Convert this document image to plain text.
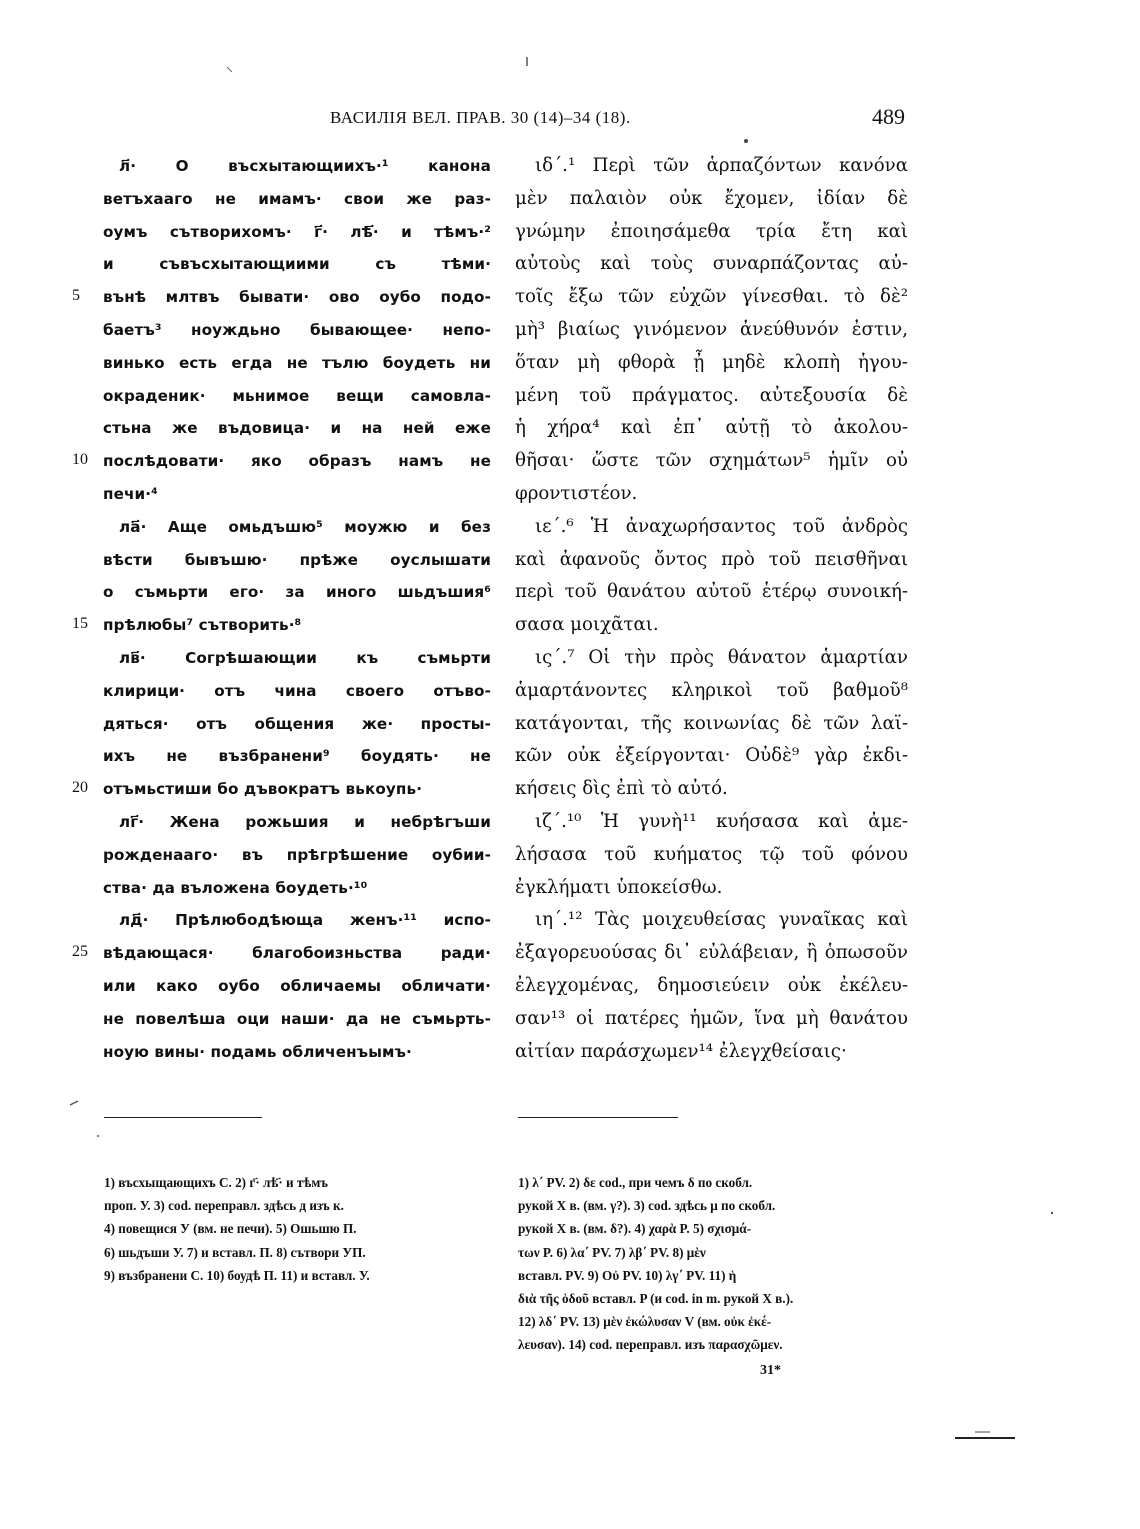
ВАСИЛІЯ ВЕЛ. ПРАВ. 30 (14)–34 (18).	489
5
10
15
20
25
л҃· О въсхытающиихъ·¹ канона
ветъхааго не имамъ· свои же раз-
оумъ сътворихомъ· г҃· лѣ҃· и тѣмъ·²
и съвъсхытающиими съ тѣми·
вънѣ млтвъ бывати· ово оубо подо-
баетъ³ ноуждьно бывающее· непо-
винько есть егда не тълю боудеть ни
окраденик· мьнимое вещи самовла-
стьна же въдовица· и на ней еже
послѣдовати· яко образъ намъ не
печи·⁴
ла҃· Аще омьдъшю⁵ моужю и без
вѣсти бывъшю· прѣже оуслышати
о съмьрти его· за иного шьдъшия⁶
прѣлюбы⁷ сътворить·⁸
лв҃· Согрѣшающии къ съмьрти
клирици· отъ чина своего отъво-
дяться· отъ общения же· просты-
ихъ не възбранени⁹ боудять· не
отъмьстиши бо дъвократъ вькоупь·
лг҃· Жена рожьшия и небрѣгъши
рожденааго· въ прѣгрѣшение оубии-
ства· да въложена боудеть·¹⁰
лд҃· Прѣлюбодѣюща женъ·¹¹ испо-
вѣдающася· благобоизньства ради·
или како оубо обличаемы обличати·
не повелѣша оци наши· да не съмьрть-
ноую вины· подамь обличенъымъ·
ιδ΄.¹ Περὶ τῶν ἁρπαζόντων κανόνα
μὲν παλαιὸν οὐκ ἔχομεν, ἰδίαν δὲ
γνώμην ἐποιησάμεθα τρία ἔτη καὶ
αὐτοὺς καὶ τοὺς συναρπάζοντας αὐ-
τοῖς ἔξω τῶν εὐχῶν γίνεσθαι. τὸ δὲ²
μὴ³ βιαίως γινόμενον ἀνεύθυνόν ἐστιν,
ὅταν μὴ φθορὰ ᾖ μηδὲ κλοπὴ ἡγου-
μένη τοῦ πράγματος. αὐτεξουσία δὲ
ἡ χήρα⁴ καὶ ἐπ᾽ αὐτῇ τὸ ἀκολου-
θῆσαι· ὥστε τῶν σχημάτων⁵ ἡμῖν οὐ
φροντιστέον.
ιε΄.⁶ Ἡ ἀναχωρήσαντος τοῦ ἀνδρὸς
καὶ ἀφανοῦς ὄντος πρὸ τοῦ πεισθῆναι
περὶ τοῦ θανάτου αὐτοῦ ἑτέρῳ συνοική-
σασα μοιχᾶται.
ις΄.⁷ Οἱ τὴν πρὸς θάνατον ἁμαρτίαν
ἁμαρτάνοντες κληρικοὶ τοῦ βαθμοῦ⁸
κατάγονται, τῆς κοινωνίας δὲ τῶν λαϊ-
κῶν οὐκ ἐξείργονται· Οὐδὲ⁹ γὰρ ἐκδι-
κήσεις δὶς ἐπὶ τὸ αὐτό.
ιζ΄.¹⁰ Ἡ γυνὴ¹¹ κυήσασα καὶ ἀμε-
λήσασα τοῦ κυήματος τῷ τοῦ φόνου
ἐγκλήματι ὑποκείσθω.
ιη΄.¹² Τὰς μοιχευθείσας γυναῖκας καὶ
ἐξαγορευούσας δι᾽ εὐλάβειαν, ἢ ὁπωσοῦν
ἐλεγχομένας, δημοσιεύειν οὐκ ἐκέλευ-
σαν¹³ οἱ πατέρες ἡμῶν, ἵνα μὴ θανάτου
αἰτίαν παράσχωμεν¹⁴ ἐλεγχθείσαις·
1) въсхыщающихъ С. 2) г҃· лѣ҃· и тѣмъ
проп. У. 3) cod. перепрaвл. здѣсь д изъ к.
4) повещися У (вм. не печи). 5) Ошьшю П.
6) шьдъши У. 7) и вставл. П. 8) сътвори УП.
9) възбранени С. 10) боудѣ П. 11) и вставл. У.
1) λ΄ PV. 2) δε cod., при чемъ δ по скобл.
рукой X в. (вм. γ?). 3) cod. здѣсь μ по скобл.
рукой X в. (вм. δ?). 4) χαρὰ P. 5) σχισμά-
των P. 6) λα΄ PV. 7) λβ΄ PV. 8) μὲν
вставл. PV. 9) Οὐ PV. 10) λγ΄ PV. 11) ἡ
διὰ τῆς ὁδοῦ вставл. P (и cod. in m. рукой X в.).
12) λδ΄ PV. 13) μὲν ἐκώλυσαν V (вм. οὐκ ἐκέ-
λευσαν). 14) cod. перепрaвл. изъ παρασχῶμεν.
31*
